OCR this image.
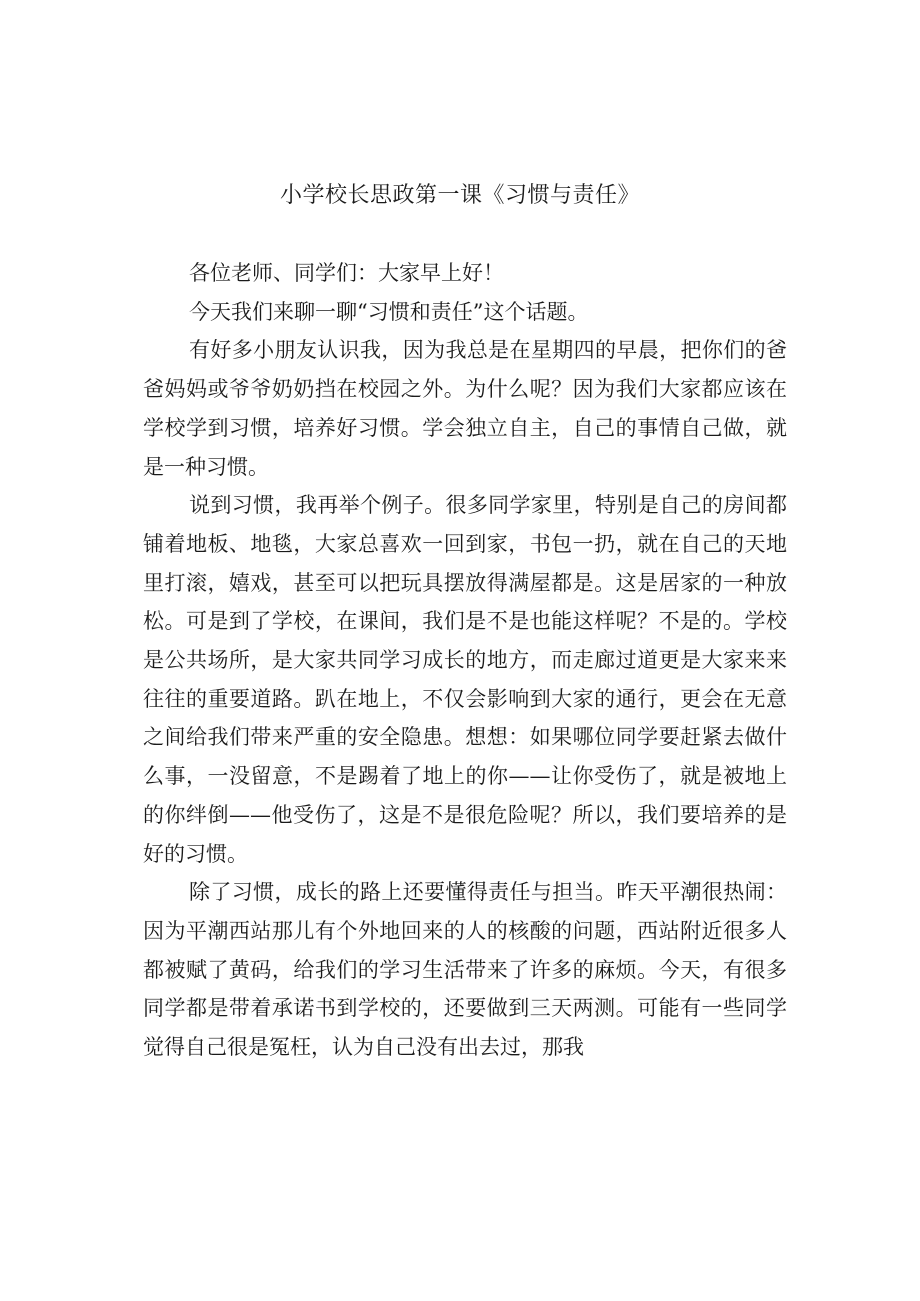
小学校长思政第一课《习惯与责任》

各位老师、同学们：大家早上好！

今天我们来聊一聊“习惯和责任”这个话题。

有好多小朋友认识我，因为我总是在星期四的早晨，把你们的爸爸妈妈或爷爷奶奶挡在校园之外。为什么呢？因为我们大家都应该在学校学到习惯，培养好习惯。学会独立自主，自己的事情自己做，就是一种习惯。

说到习惯，我再举个例子。很多同学家里，特别是自己的房间都铺着地板、地毯，大家总喜欢一回到家，书包一扔，就在自己的天地里打滚，嬉戏，甚至可以把玩具摆放得满屋都是。这是居家的一种放松。可是到了学校，在课间，我们是不是也能这样呢？不是的。学校是公共场所，是大家共同学习成长的地方，而走廊过道更是大家来来往往的重要道路。趴在地上，不仅会影响到大家的通行，更会在无意之间给我们带来严重的安全隐患。想想：如果哪位同学要赶紧去做什么事，一没留意，不是踢着了地上的你——让你受伤了，就是被地上的你绊倒——他受伤了，这是不是很危险呢？所以，我们要培养的是好的习惯。

除了习惯，成长的路上还要懂得责任与担当。昨天平潮很热闹：因为平潮西站那儿有个外地回来的人的核酸的问题，西站附近很多人都被赋了黄码，给我们的学习生活带来了许多的麻烦。今天，有很多同学都是带着承诺书到学校的，还要做到三天两测。可能有一些同学觉得自己很是冤枉，认为自己没有出去过，那我
